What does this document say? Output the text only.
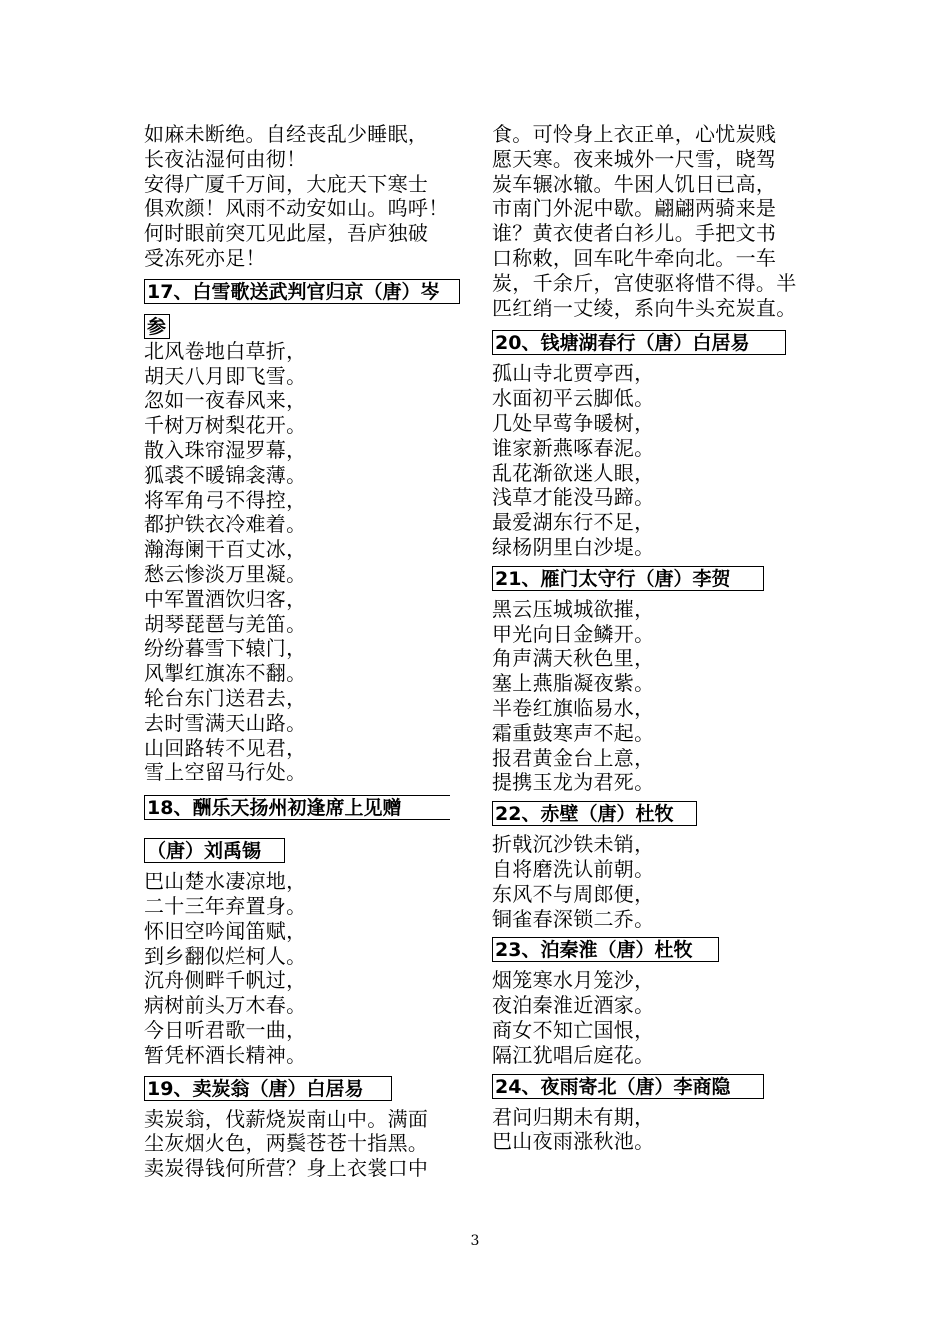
如麻未断绝。自经丧乱少睡眠，
长夜沾湿何由彻！
安得广厦千万间，大庇天下寒士
俱欢颜！风雨不动安如山。呜呼！
何时眼前突兀见此屋，吾庐独破
受冻死亦足！
17、白雪歌送武判官归京（唐）岑
参
北风卷地白草折，
胡天八月即飞雪。
忽如一夜春风来，
千树万树梨花开。
散入珠帘湿罗幕，
狐裘不暖锦衾薄。
将军角弓不得控，
都护铁衣冷难着。
瀚海阑干百丈冰，
愁云惨淡万里凝。
中军置酒饮归客，
胡琴琵琶与羌笛。
纷纷暮雪下辕门，
风掣红旗冻不翻。
轮台东门送君去，
去时雪满天山路。
山回路转不见君，
雪上空留马行处。
18、酬乐天扬州初逢席上见赠
（唐）刘禹锡
巴山楚水凄凉地，
二十三年弃置身。
怀旧空吟闻笛赋，
到乡翻似烂柯人。
沉舟侧畔千帆过，
病树前头万木春。
今日听君歌一曲，
暂凭杯酒长精神。
19、卖炭翁（唐）白居易
卖炭翁，伐薪烧炭南山中。满面
尘灰烟火色，两鬓苍苍十指黑。
卖炭得钱何所营？身上衣裳口中
食。可怜身上衣正单，心忧炭贱
愿天寒。夜来城外一尺雪，晓驾
炭车辗冰辙。牛困人饥日已高，
市南门外泥中歇。翩翩两骑来是
谁？黄衣使者白衫儿。手把文书
口称敕，回车叱牛牵向北。一车
炭，千余斤，宫使驱将惜不得。半
匹红绡一丈绫，系向牛头充炭直。
20、钱塘湖春行（唐）白居易
孤山寺北贾亭西，
水面初平云脚低。
几处早莺争暖树，
谁家新燕啄春泥。
乱花渐欲迷人眼，
浅草才能没马蹄。
最爱湖东行不足，
绿杨阴里白沙堤。
21、雁门太守行（唐）李贺
黑云压城城欲摧，
甲光向日金鳞开。
角声满天秋色里，
塞上燕脂凝夜紫。
半卷红旗临易水，
霜重鼓寒声不起。
报君黄金台上意，
提携玉龙为君死。
22、赤壁（唐）杜牧
折戟沉沙铁未销，
自将磨洗认前朝。
东风不与周郎便，
铜雀春深锁二乔。
23、泊秦淮（唐）杜牧
烟笼寒水月笼沙，
夜泊秦淮近酒家。
商女不知亡国恨，
隔江犹唱后庭花。
24、夜雨寄北（唐）李商隐
君问归期未有期，
巴山夜雨涨秋池。
3
